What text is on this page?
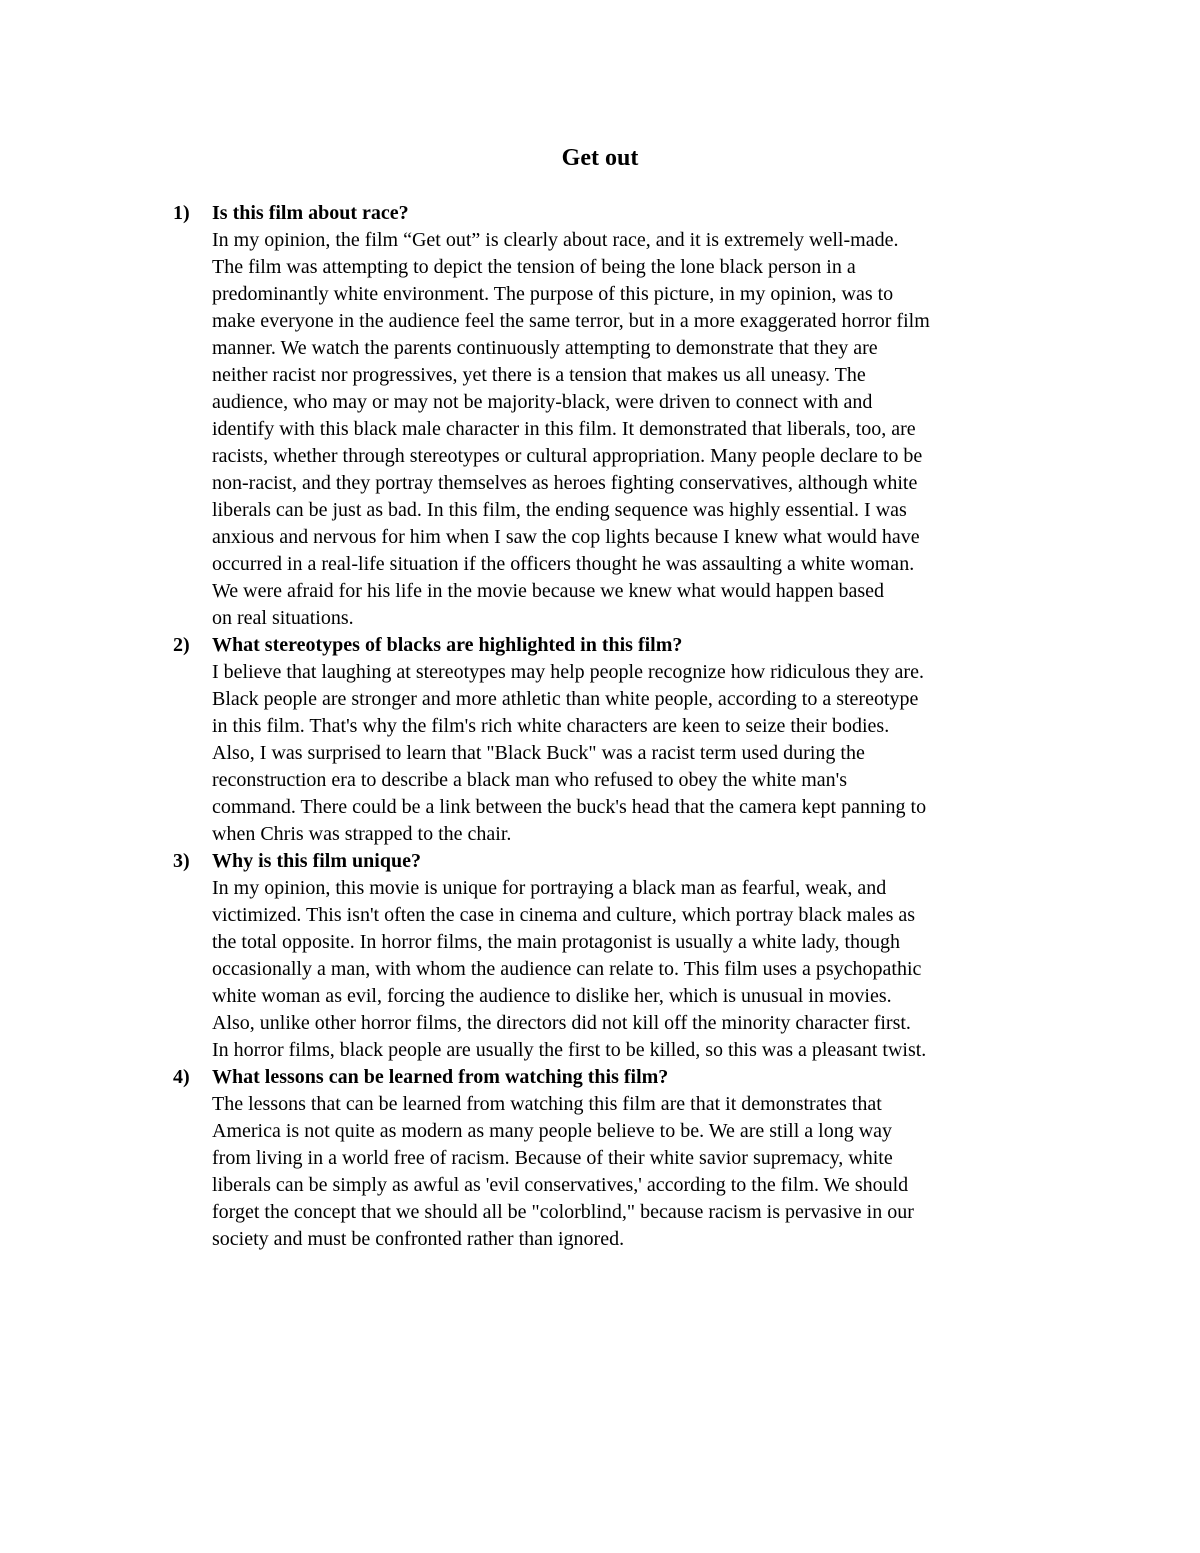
Get out
1) Is this film about race?
In my opinion, the film “Get out” is clearly about race, and it is extremely well-made.
The film was attempting to depict the tension of being the lone black person in a
predominantly white environment. The purpose of this picture, in my opinion, was to
make everyone in the audience feel the same terror, but in a more exaggerated horror film
manner. We watch the parents continuously attempting to demonstrate that they are
neither racist nor progressives, yet there is a tension that makes us all uneasy. The
audience, who may or may not be majority-black, were driven to connect with and
identify with this black male character in this film. It demonstrated that liberals, too, are
racists, whether through stereotypes or cultural appropriation. Many people declare to be
non-racist, and they portray themselves as heroes fighting conservatives, although white
liberals can be just as bad. In this film, the ending sequence was highly essential. I was
anxious and nervous for him when I saw the cop lights because I knew what would have
occurred in a real-life situation if the officers thought he was assaulting a white woman.
We were afraid for his life in the movie because we knew what would happen based
on real situations.
2) What stereotypes of blacks are highlighted in this film?
I believe that laughing at stereotypes may help people recognize how ridiculous they are.
Black people are stronger and more athletic than white people, according to a stereotype
in this film. That's why the film's rich white characters are keen to seize their bodies.
Also, I was surprised to learn that "Black Buck" was a racist term used during the
reconstruction era to describe a black man who refused to obey the white man's
command. There could be a link between the buck's head that the camera kept panning to
when Chris was strapped to the chair.
3) Why is this film unique?
In my opinion, this movie is unique for portraying a black man as fearful, weak, and
victimized. This isn't often the case in cinema and culture, which portray black males as
the total opposite. In horror films, the main protagonist is usually a white lady, though
occasionally a man, with whom the audience can relate to. This film uses a psychopathic
white woman as evil, forcing the audience to dislike her, which is unusual in movies.
Also, unlike other horror films, the directors did not kill off the minority character first.
In horror films, black people are usually the first to be killed, so this was a pleasant twist.
4) What lessons can be learned from watching this film?
The lessons that can be learned from watching this film are that it demonstrates that
America is not quite as modern as many people believe to be. We are still a long way
from living in a world free of racism. Because of their white savior supremacy, white
liberals can be simply as awful as 'evil conservatives,' according to the film. We should
forget the concept that we should all be "colorblind," because racism is pervasive in our
society and must be confronted rather than ignored.
